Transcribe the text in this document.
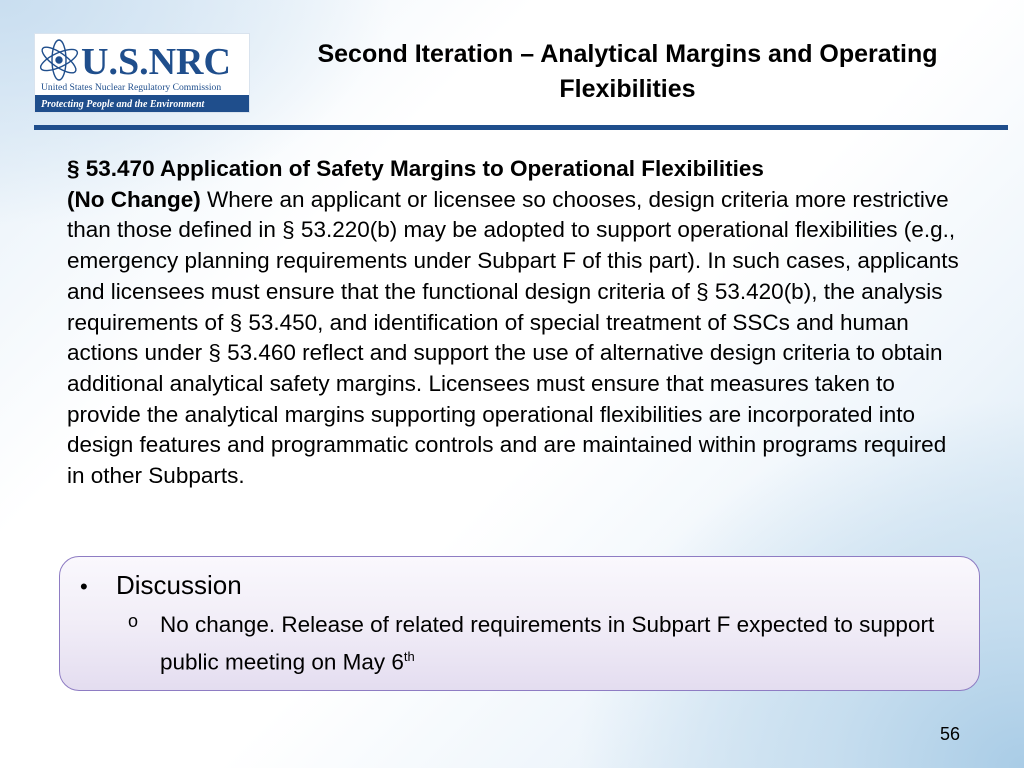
U.S.NRC
United States Nuclear Regulatory Commission
Protecting People and the Environment
Second Iteration – Analytical Margins and Operating Flexibilities
§ 53.470 Application of Safety Margins to Operational Flexibilities
(No Change) Where an applicant or licensee so chooses, design criteria more restrictive than those defined in § 53.220(b) may be adopted to support operational flexibilities (e.g., emergency planning requirements under Subpart F of this part). In such cases, applicants and licensees must ensure that the functional design criteria of § 53.420(b), the analysis requirements of § 53.450, and identification of special treatment of SSCs and human actions under § 53.460 reflect and support the use of alternative design criteria to obtain additional analytical safety margins. Licensees must ensure that measures taken to provide the analytical margins supporting operational flexibilities are incorporated into design features and programmatic controls and are maintained within programs required in other Subparts.
•	Discussion
o No change. Release of related requirements in Subpart F expected to support public meeting on May 6th
56
